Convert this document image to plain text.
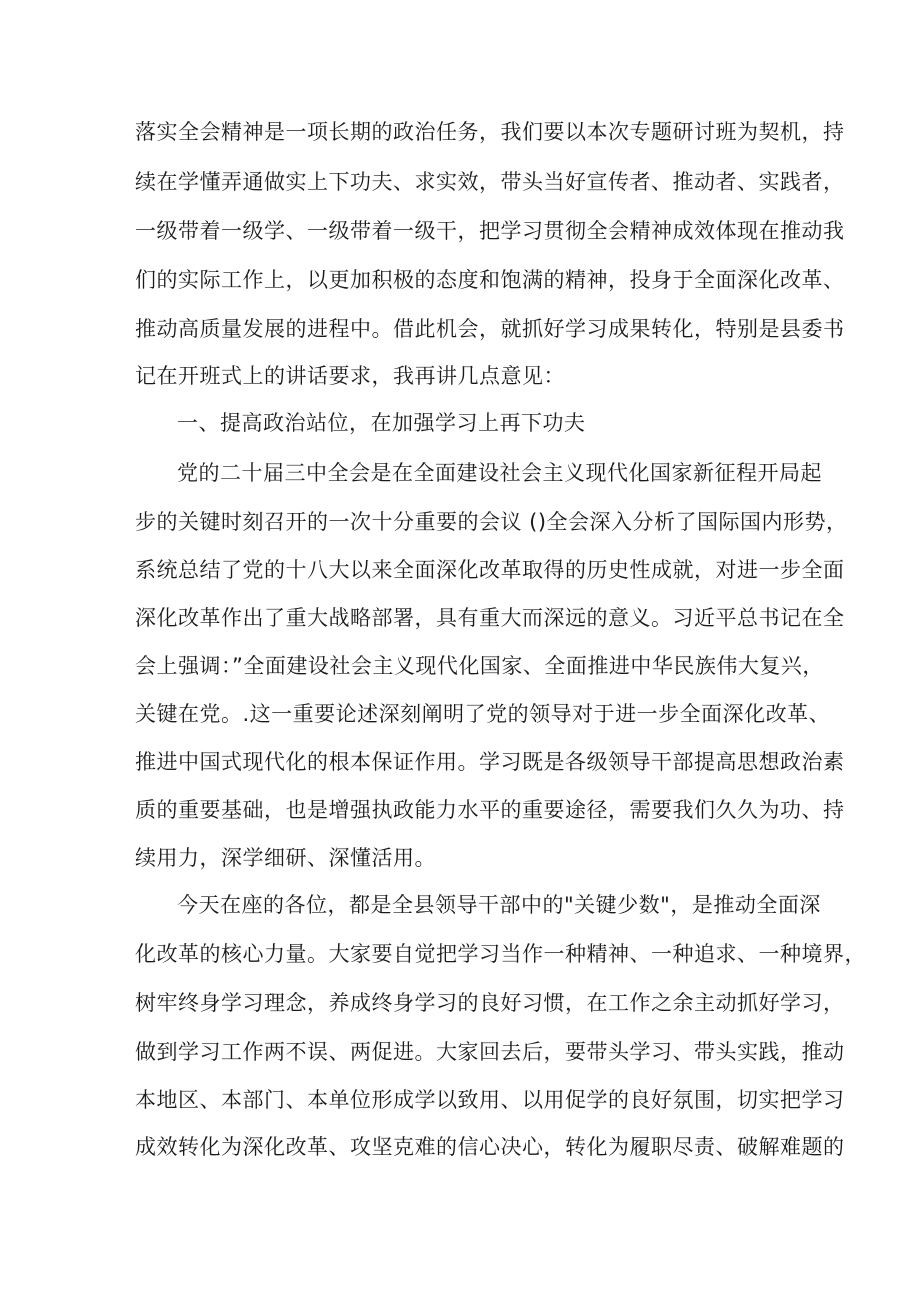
落实全会精神是一项长期的政治任务，我们要以本次专题研讨班为契机，持
续在学懂弄通做实上下功夫、求实效，带头当好宣传者、推动者、实践者，
一级带着一级学、一级带着一级干，把学习贯彻全会精神成效体现在推动我
们的实际工作上，以更加积极的态度和饱满的精神，投身于全面深化改革、
推动高质量发展的进程中。借此机会，就抓好学习成果转化，特别是县委书
记在开班式上的讲话要求，我再讲几点意见：
一、提高政治站位，在加强学习上再下功夫
党的二十届三中全会是在全面建设社会主义现代化国家新征程开局起
步的关键时刻召开的一次十分重要的会议 ()全会深入分析了国际国内形势，
系统总结了党的十八大以来全面深化改革取得的历史性成就，对进一步全面
深化改革作出了重大战略部署，具有重大而深远的意义。习近平总书记在全
会上强调：”全面建设社会主义现代化国家、全面推进中华民族伟大复兴，
关键在党。.这一重要论述深刻阐明了党的领导对于进一步全面深化改革、
推进中国式现代化的根本保证作用。学习既是各级领导干部提高思想政治素
质的重要基础，也是增强执政能力水平的重要途径，需要我们久久为功、持
续用力，深学细研、深懂活用。
今天在座的各位，都是全县领导干部中的"关键少数"，是推动全面深
化改革的核心力量。大家要自觉把学习当作一种精神、一种追求、一种境界，
树牢终身学习理念，养成终身学习的良好习惯，在工作之余主动抓好学习，
做到学习工作两不误、两促进。大家回去后，要带头学习、带头实践，推动
本地区、本部门、本单位形成学以致用、以用促学的良好氛围，切实把学习
成效转化为深化改革、攻坚克难的信心决心，转化为履职尽责、破解难题的
